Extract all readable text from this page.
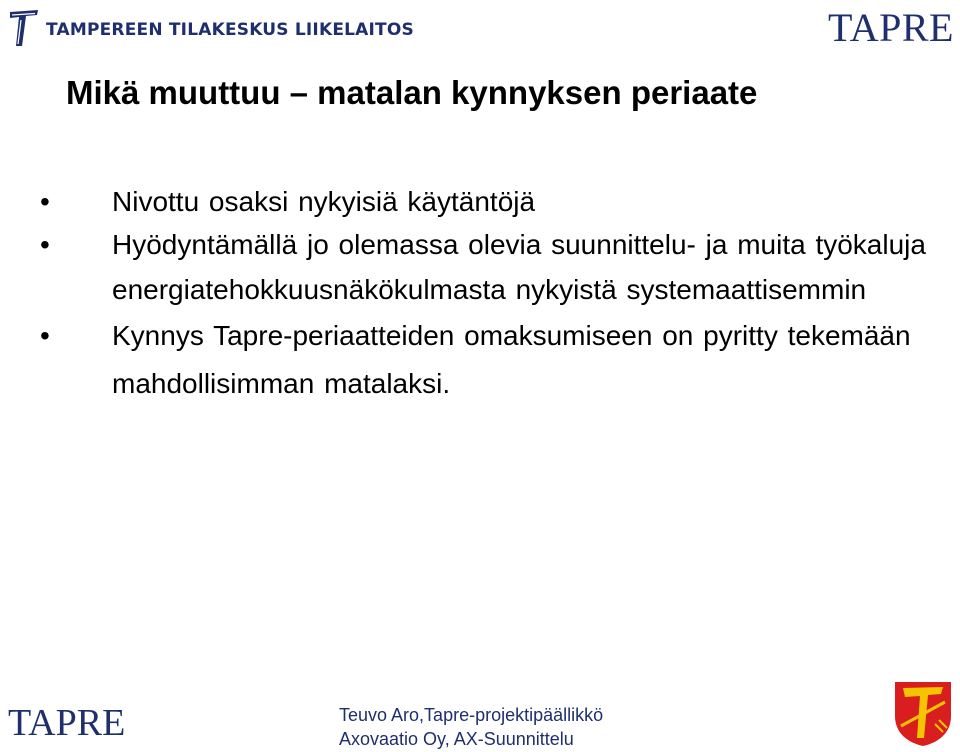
TAMPEREEN TILAKESKUS LIIKELAITOS	TAPRE
Mikä muuttuu – matalan kynnyksen periaate
•	Nivottu osaksi nykyisiä käytäntöjä
•	Hyödyntämällä jo olemassa olevia suunnittelu- ja muita työkaluja energiatehokkuusnäkökulmasta nykyistä systemaattisemmin
•	Kynnys Tapre-periaatteiden omaksumiseen on pyritty tekemään mahdollisimman matalaksi.
TAPRE	Teuvo Aro,Tapre-projektipäällikkö
Axovaatio Oy, AX-Suunnittelu
